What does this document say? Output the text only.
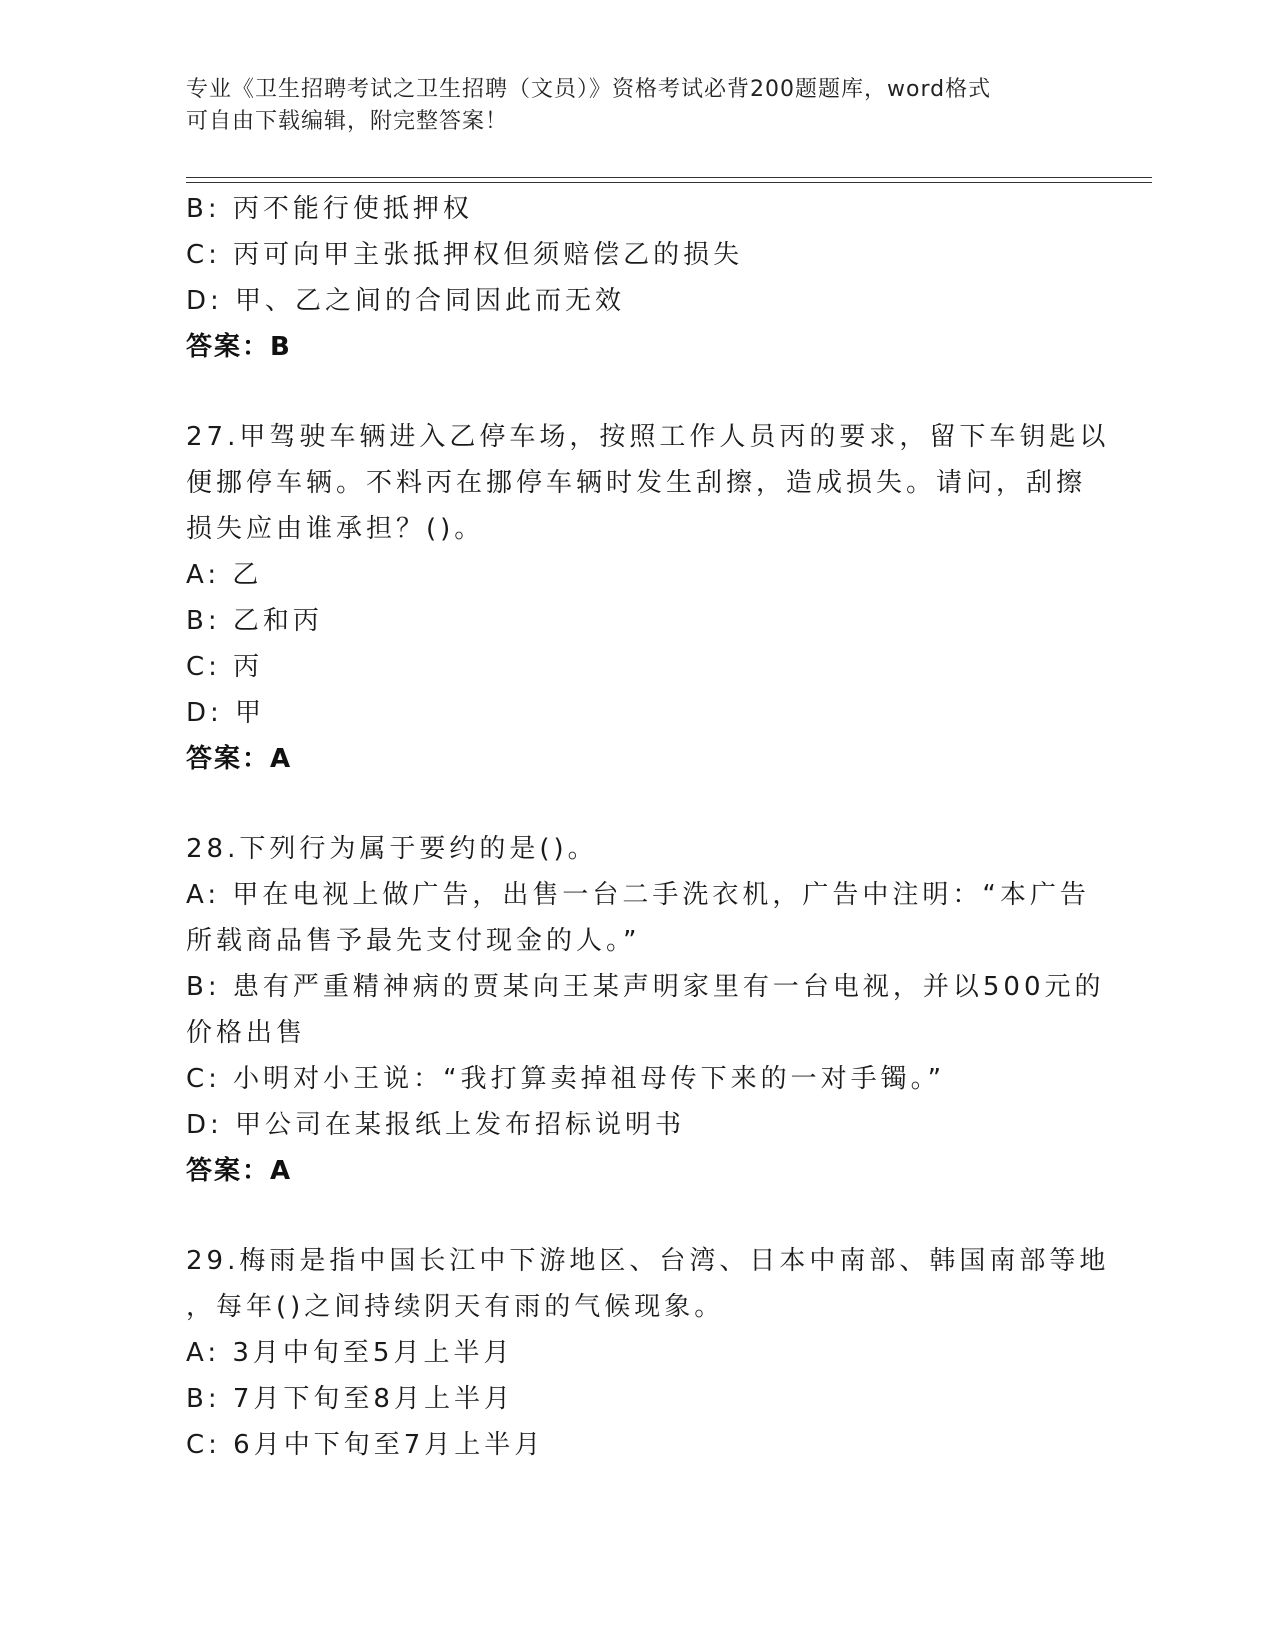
专业《卫生招聘考试之卫生招聘（文员）》资格考试必背200题题库，word格式
可自由下载编辑，附完整答案！
B: 丙不能行使抵押权
C: 丙可向甲主张抵押权但须赔偿乙的损失
D: 甲、乙之间的合同因此而无效
答案：B
27.甲驾驶车辆进入乙停车场，按照工作人员丙的要求，留下车钥匙以
便挪停车辆。不料丙在挪停车辆时发生刮擦，造成损失。请问，刮擦
损失应由谁承担？()。
A: 乙
B: 乙和丙
C: 丙
D: 甲
答案：A
28.下列行为属于要约的是()。
A: 甲在电视上做广告，出售一台二手洗衣机，广告中注明：“本广告
所载商品售予最先支付现金的人。”
B: 患有严重精神病的贾某向王某声明家里有一台电视，并以500元的
价格出售
C: 小明对小王说：“我打算卖掉祖母传下来的一对手镯。”
D: 甲公司在某报纸上发布招标说明书
答案：A
29.梅雨是指中国长江中下游地区、台湾、日本中南部、韩国南部等地
，每年()之间持续阴天有雨的气候现象。
A: 3月中旬至5月上半月
B: 7月下旬至8月上半月
C: 6月中下旬至7月上半月
